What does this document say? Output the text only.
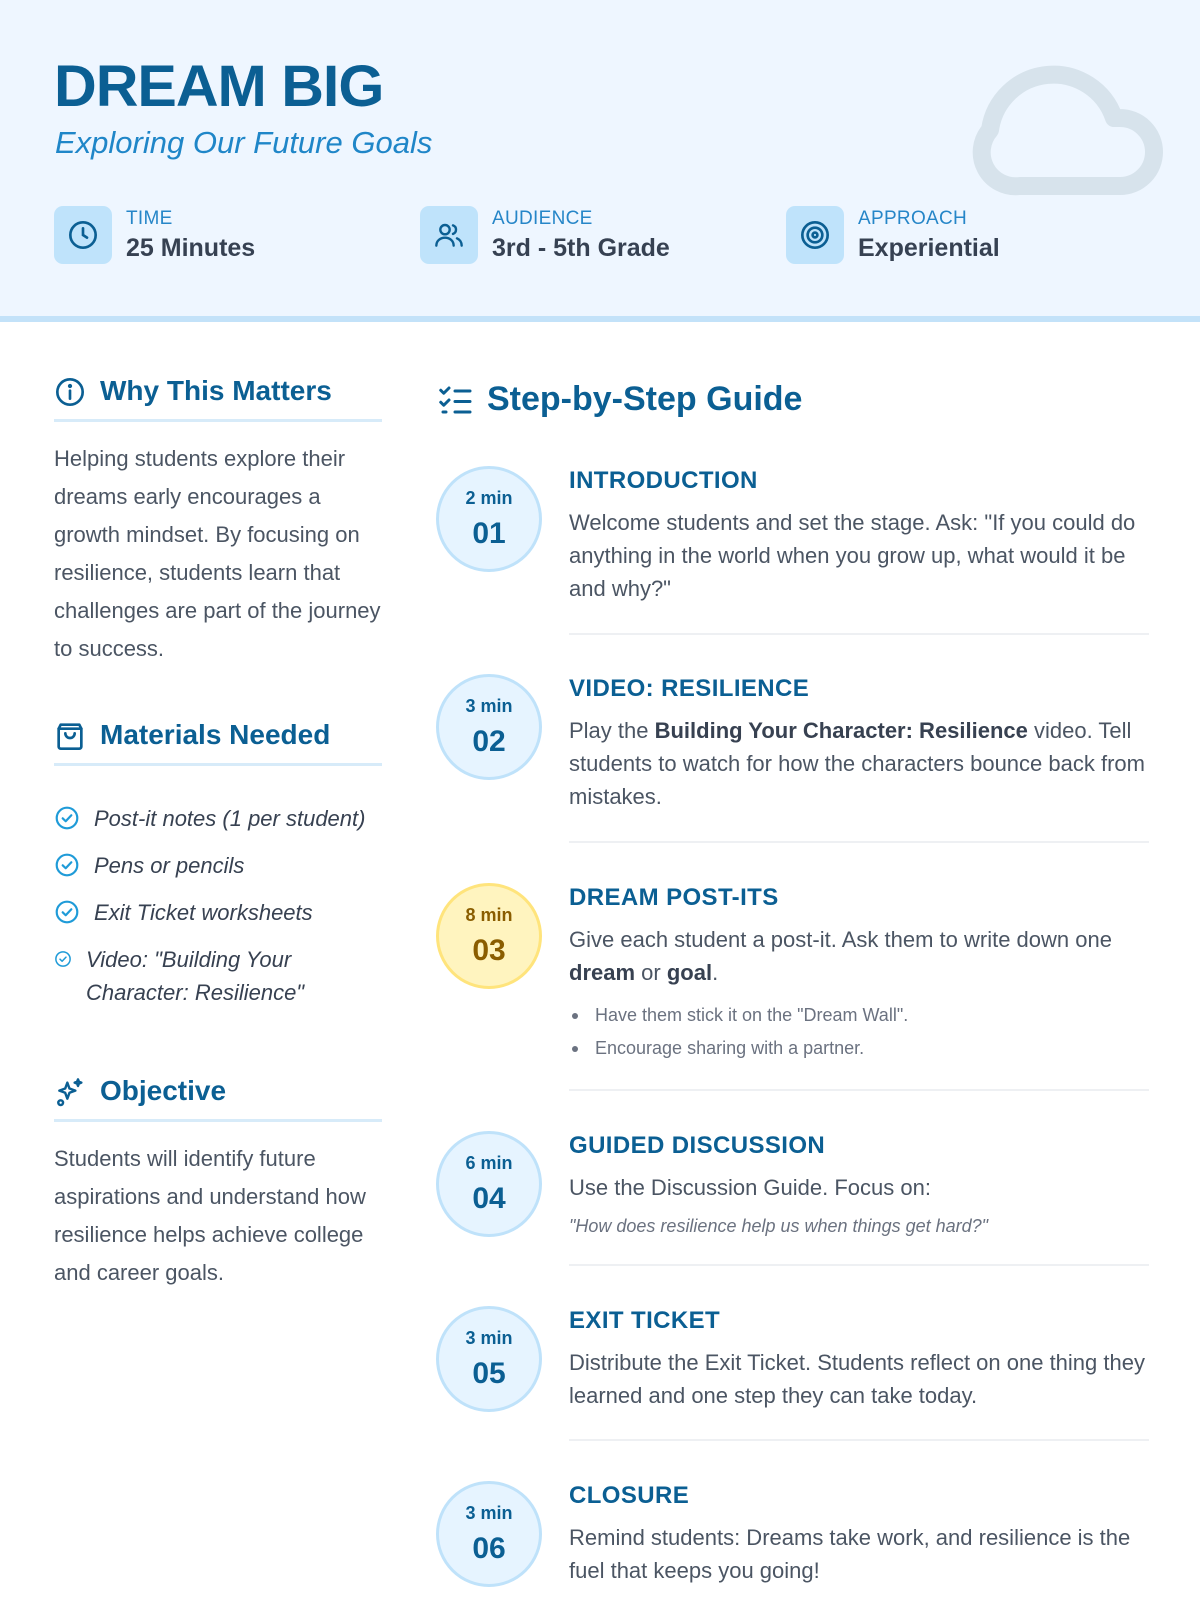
DREAM BIG
Exploring Our Future Goals
TIME
25 Minutes
AUDIENCE
3rd - 5th Grade
APPROACH
Experiential
Why This Matters

Helping students explore their dreams early encourages a growth mindset. By focusing on resilience, students learn that challenges are part of the journey to success.

Materials Needed
Post-it notes (1 per student)
Pens or pencils
Exit Ticket worksheets
Video: "Building Your Character: Resilience"
Objective

Students will identify future aspirations and understand how resilience helps achieve college and career goals.

Step-by-Step Guide
2 min
01
INTRODUCTION
Welcome students and set the stage. Ask: "If you could do anything in the world when you grow up, what would it be and why?"
3 min
02
VIDEO: RESILIENCE
Play the Building Your Character: Resilience video. Tell students to watch for how the characters bounce back from mistakes.
8 min
03
DREAM POST-ITS
Give each student a post-it. Ask them to write down one dream or goal.
Have them stick it on the "Dream Wall".
Encourage sharing with a partner.
6 min
04
GUIDED DISCUSSION
Use the Discussion Guide. Focus on:
"How does resilience help us when things get hard?"
3 min
05
EXIT TICKET
Distribute the Exit Ticket. Students reflect on one thing they learned and one step they can take today.
3 min
06
CLOSURE
Remind students: Dreams take work, and resilience is the fuel that keeps you going!
